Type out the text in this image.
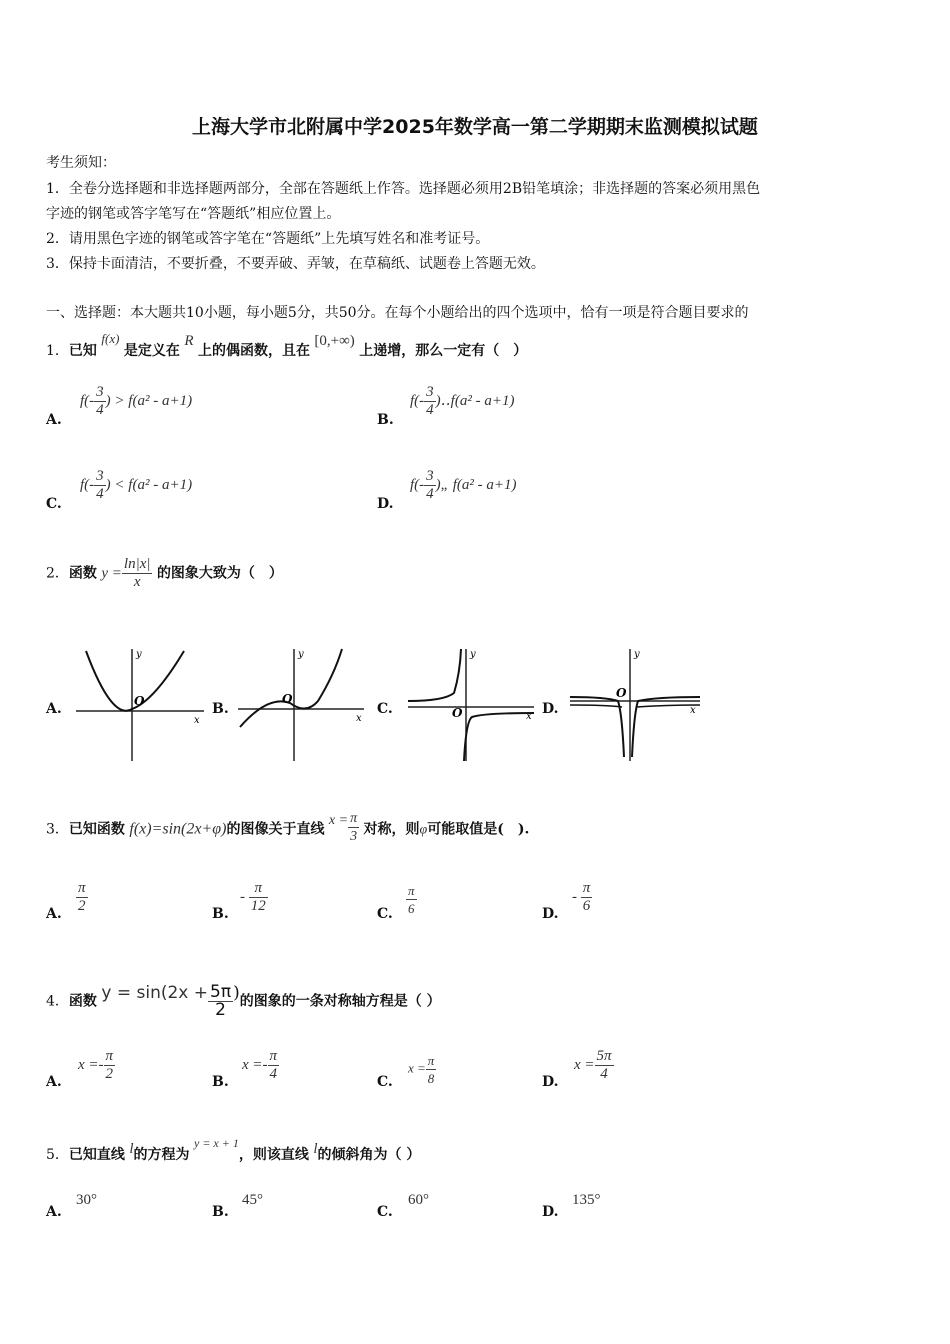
上海大学市北附属中学2025年数学高一第二学期期末监测模拟试题
考生须知：
1．全卷分选择题和非选择题两部分，全部在答题纸上作答。选择题必须用2B铅笔填涂；非选择题的答案必须用黑色
字迹的钢笔或答字笔写在“答题纸”相应位置上。
2．请用黑色字迹的钢笔或答字笔在“答题纸”上先填写姓名和准考证号。
3．保持卡面清洁，不要折叠，不要弄破、弄皱，在草稿纸、试题卷上答题无效。
一、选择题：本大题共10小题，每小题5分，共50分。在每个小题给出的四个选项中，恰有一项是符合题目要求的
1．已知 f(x) 是定义在 R 上的偶函数，且在 [0,+∞) 上递增，那么一定有（　）
A.
$f(- \frac{3}{4}$ ) > f(a² - a+1)
B.
$f(- \frac{3}{4}$ )‥f(a² - a+1)
C.
$f(- \frac{3}{4}$ ) < f(a² - a+1)
D.
$f(- \frac{3}{4}$ )„ f(a² - a+1)
2．函数 $y = \frac{\ln|x|}{x}$ 的图象大致为（　）
A.
y
x
O	B.
y
x
O
C.
y
x
O	D.
y
x
O
3．已知函数 f(x)=sin(2x+φ)的图像关于直线 $x = \frac{\pi}{3}$ 对称，则φ可能取值是(　).
A. $\frac{\pi}{2}$	B.
- $\frac{\pi}{12}$	C. $\frac{\pi}{6}$	D.
- $\frac{\pi}{6}$
4．函数 $y = \sin(2x + \frac{5\pi}{2}$ )的图象的一条对称轴方程是（ ）
A.
$x =- \frac{\pi}{2}$	B.
$x =- \frac{\pi}{4}$	C.
$x = \frac{\pi}{8}$	D.
$x = \frac{5\pi}{4}$
5．已知直线 l的方程为 y = x + 1，则该直线 l的倾斜角为（ ）
A.
30°
B.
45°
C.
60°
D.
135°
